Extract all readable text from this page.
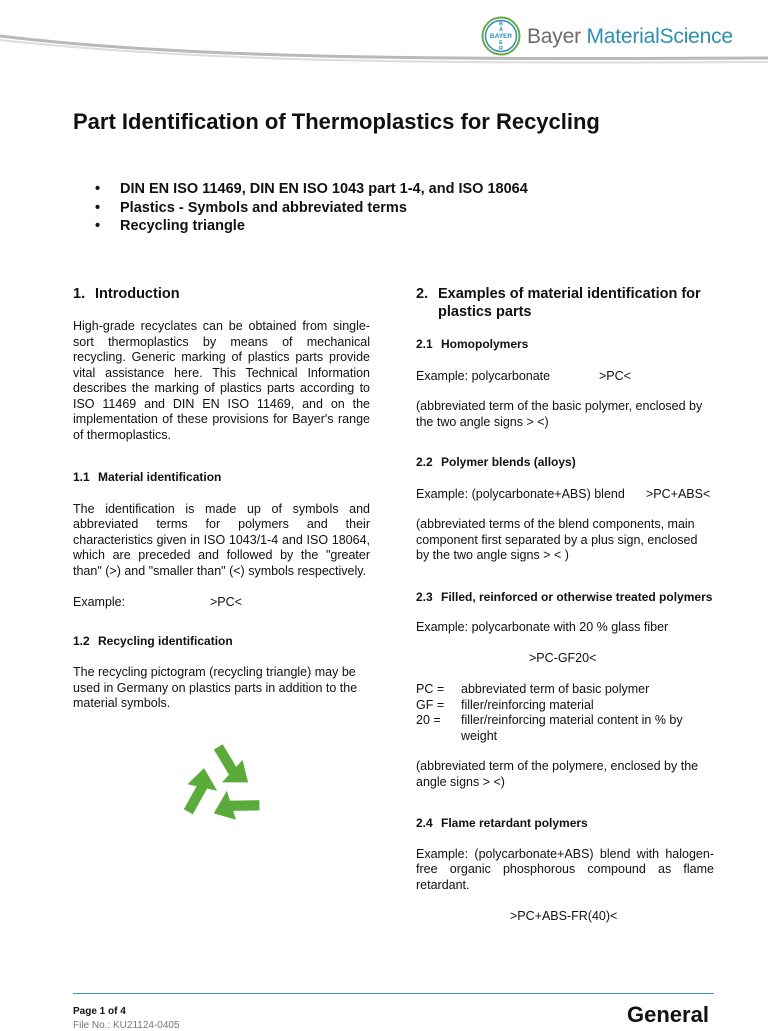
B
A
BAYER
E
R
Bayer MaterialScience
Part Identification of Thermoplastics for Recycling
• DIN EN ISO 11469, DIN EN ISO 1043 part 1-4, and ISO 18064
• Plastics - Symbols and abbreviated terms
• Recycling triangle
1. Introduction

High-grade recyclates can be obtained from single-sort thermoplastics by means of mechanical recycling. Generic marking of plastics parts provide vital assistance here. This Technical Information describes the marking of plastics parts according to ISO 11469 and DIN EN ISO 11469, and on the implementation of these provisions for Bayer's range of thermoplastics.

1.1 Material identification

The identification is made up of symbols and abbreviated terms for polymers and their characteristics given in ISO 1043/1-4 and ISO 18064, which are preceded and followed by the "greater than" (>) and "smaller than" (<) symbols respectively.

Example:	>PC<
1.2 Recycling identification

The recycling pictogram (recycling triangle) may be used in Germany on plastics parts in addition to the material symbols.

2. Examples of material identification for plastics parts
2.1 Homopolymers
Example: polycarbonate	>PC<

(abbreviated term of the basic polymer, enclosed by the two angle signs > <)

2.2 Polymer blends (alloys)
Example: (polycarbonate+ABS) blend	>PC+ABS<

(abbreviated terms of the blend components, main component first separated by a plus sign, enclosed by the two angle signs > < )

2.3 Filled, reinforced or otherwise treated polymers

Example: polycarbonate with 20 % glass fiber

>PC-GF20<

PC =	abbreviated term of basic polymer
GF =	filler/reinforcing material
20 =	filler/reinforcing material content in % by weight

(abbreviated term of the polymere, enclosed by the angle signs > <)

2.4 Flame retardant polymers

Example: (polycarbonate+ABS) blend with halogen-free organic phosphorous compound as flame retardant.

>PC+ABS-FR(40)<

Page 1 of 4
File No.: KU21124-0405	General
